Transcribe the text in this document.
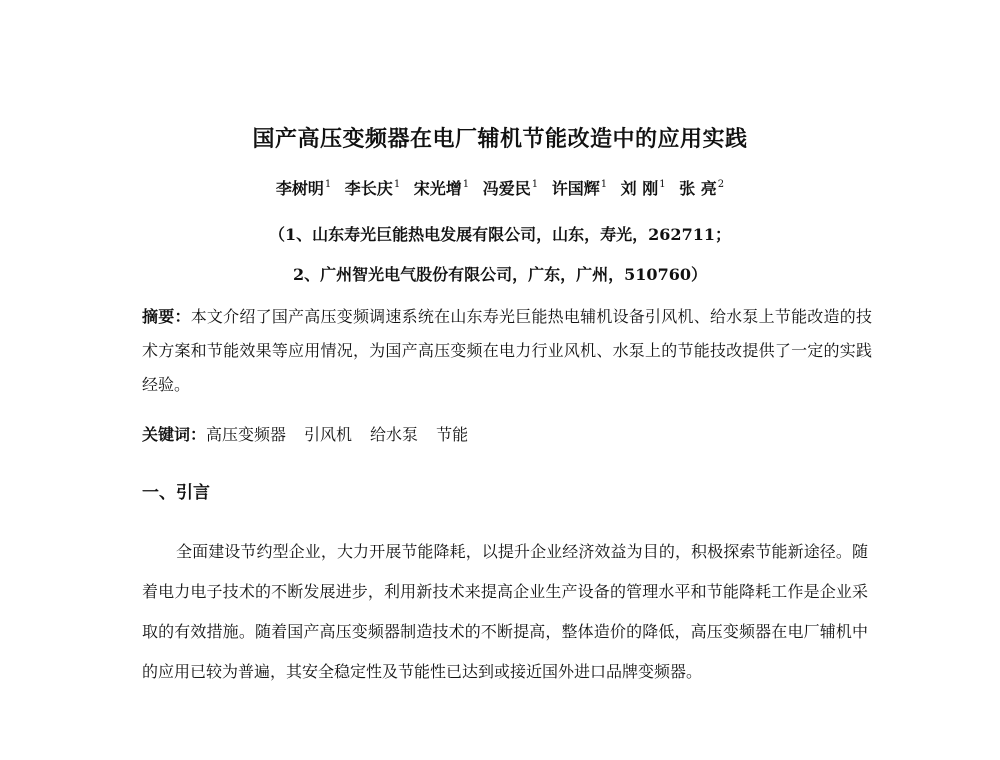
国产高压变频器在电厂辅机节能改造中的应用实践
李树明$^1$ 李长庆$^1$ 宋光增$^1$ 冯爱民$^1$ 许国辉$^1$ 刘 刚$^1$ 张 亮$^2$
（1、山东寿光巨能热电发展有限公司，山东，寿光，262711；
2、广州智光电气股份有限公司，广东，广州，510760）
摘要：本文介绍了国产高压变频调速系统在山东寿光巨能热电辅机设备引风机、给水泵上节能改造的技术方案和节能效果等应用情况，为国产高压变频在电力行业风机、水泵上的节能技改提供了一定的实践经验。
关键词：高压变频器 引风机 给水泵 节能
一、引言
全面建设节约型企业，大力开展节能降耗，以提升企业经济效益为目的，积极探索节能新途径。随着电力电子技术的不断发展进步，利用新技术来提高企业生产设备的管理水平和节能降耗工作是企业采取的有效措施。随着国产高压变频器制造技术的不断提高，整体造价的降低，高压变频器在电厂辅机中的应用已较为普遍，其安全稳定性及节能性已达到或接近国外进口品牌变频器。
